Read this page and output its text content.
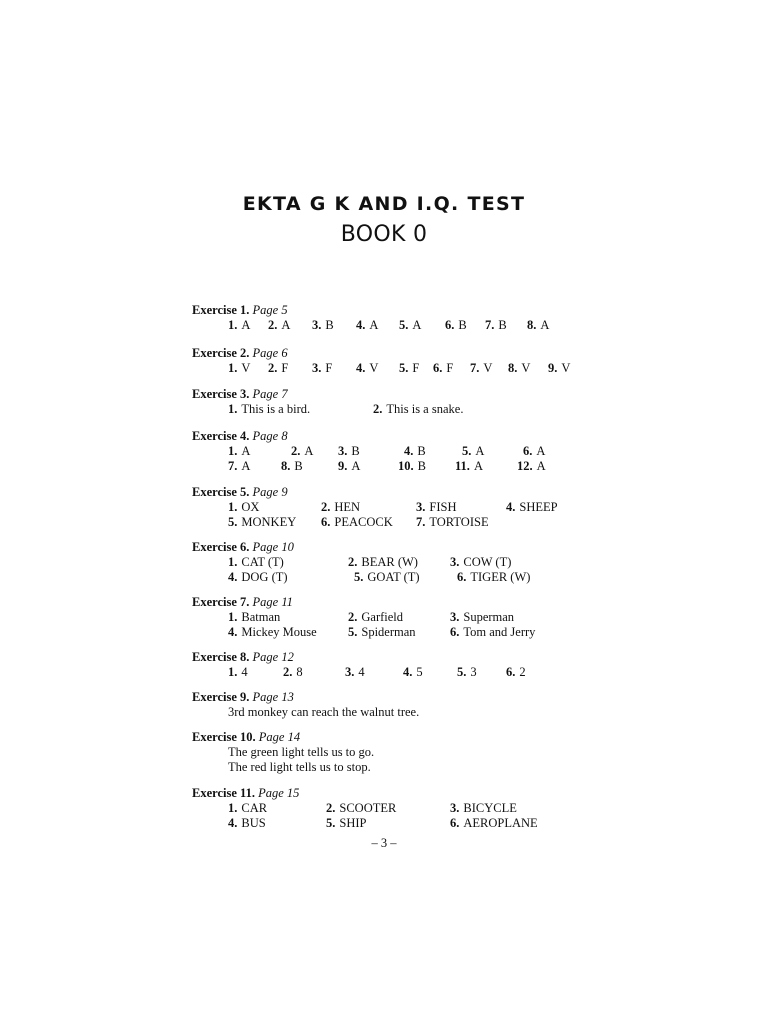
EKTA G K AND I.Q. TEST
BOOK 0
Exercise 1. Page 5
1. A 2. A 3. B 4. A 5. A 6. B 7. B 8. A
Exercise 2. Page 6
1. V 2. F 3. F 4. V 5. F 6. F 7. V 8. V 9. V
Exercise 3. Page 7
1. This is a bird.	2. This is a snake.
Exercise 4. Page 8
1. A	2. A 3. B	4. B	5. A	6. A
7. A 8. B	9. A	10. B 11. A	12. A
Exercise 5. Page 9
1. OX	2. HEN	3. FISH	4. SHEEP
5. MONKEY 6. PEACOCK 7. TORTOISE
Exercise 6. Page 10
1. CAT (T)	2. BEAR (W)	3. COW (T)
4. DOG (T)	5. GOAT (T)	6. TIGER (W)
Exercise 7. Page 11
1. Batman	2. Garfield	3. Superman
4. Mickey Mouse	5. Spiderman	6. Tom and Jerry
Exercise 8. Page 12
1. 4	2. 8	3. 4	4. 5	5. 3 6. 2
Exercise 9. Page 13
3rd monkey can reach the walnut tree.
Exercise 10. Page 14
The green light tells us to go.
The red light tells us to stop.
Exercise 11. Page 15
1. CAR	2. SCOOTER	3. BICYCLE
4. BUS	5. SHIP	6. AEROPLANE
– 3 –
